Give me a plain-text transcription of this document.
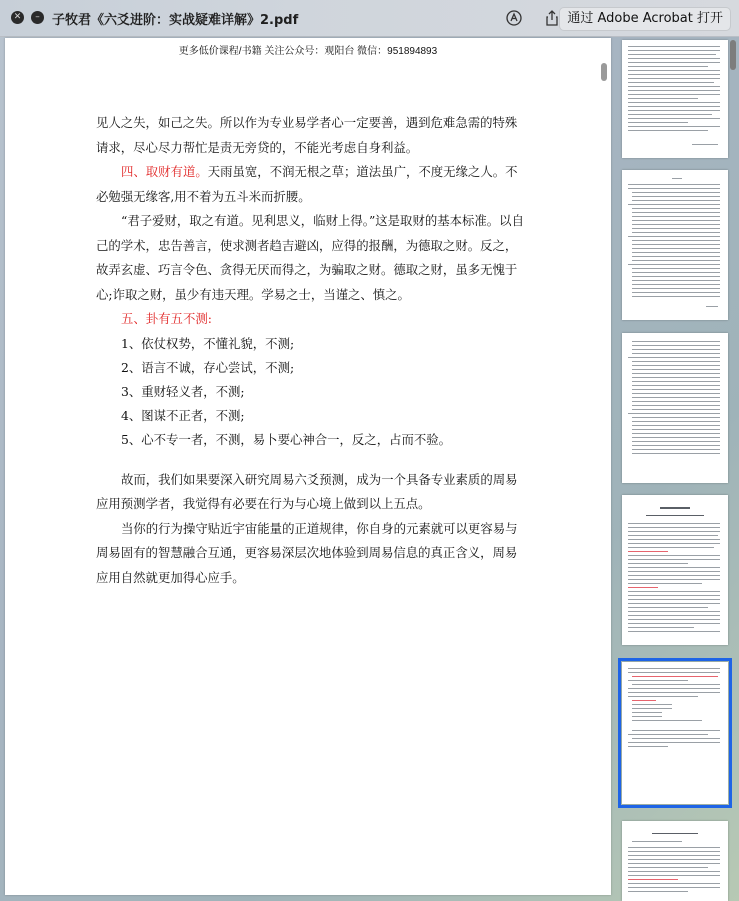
✕	– 子牧君《六爻进阶：实战疑难详解》2.pdf	通过 Adobe Acrobat 打开
更多低价课程/书籍 关注公众号：观阳台 微信：951894893

见人之失，如己之失。所以作为专业易学者心一定要善，遇到危难急需的特殊请求，尽心尽力帮忙是责无旁贷的，不能光考虑自身利益。

四、取财有道。天雨虽宽，不润无根之草；道法虽广，不度无缘之人。不必勉强无缘客,用不着为五斗米而折腰。

“君子爱财，取之有道。见利思义，临财上得。”这是取财的基本标准。以自己的学术，忠告善言，使求测者趋吉避凶，应得的报酬，为德取之财。反之，故弄玄虚、巧言令色、贪得无厌而得之，为骗取之财。德取之财，虽多无愧于心;诈取之财，虽少有违天理。学易之士，当谨之、慎之。

五、卦有五不测:

1、依仗权势，不懂礼貌，不测;

2、语言不诚，存心尝试，不测;

3、重财轻义者，不测;

4、图谋不正者，不测;

5、心不专一者，不测，易卜要心神合一，反之，占而不验。

故而，我们如果要深入研究周易六爻预测，成为一个具备专业素质的周易应用预测学者，我觉得有必要在行为与心境上做到以上五点。

当你的行为操守贴近宇宙能量的正道规律，你自身的元素就可以更容易与周易固有的智慧融合互通，更容易深层次地体验到周易信息的真正含义，周易应用自然就更加得心应手。
